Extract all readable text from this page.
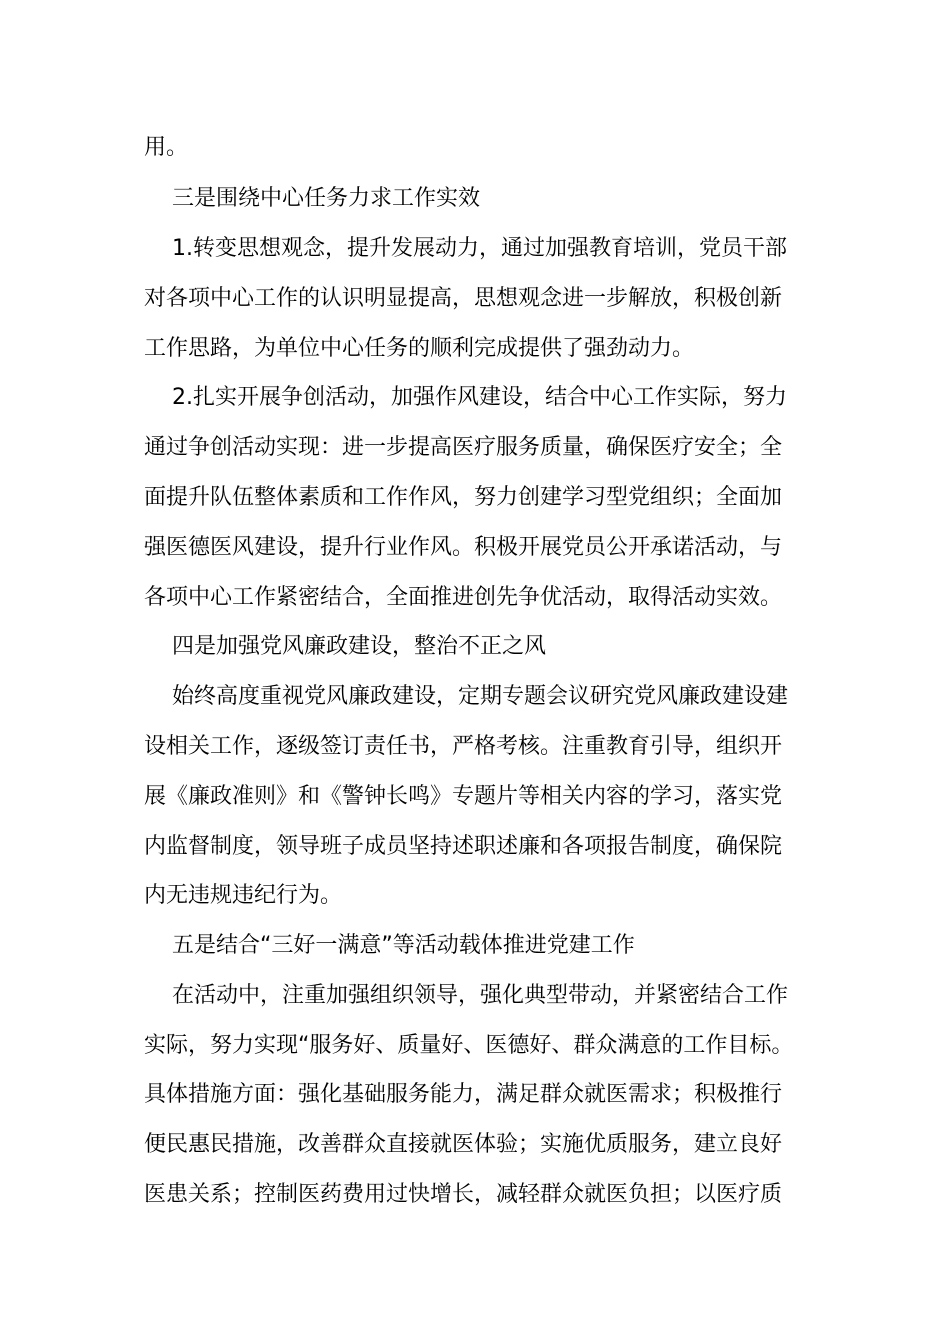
用。
三是围绕中心任务力求工作实效
1.转变思想观念，提升发展动力，通过加强教育培训，党员干部
对各项中心工作的认识明显提高，思想观念进一步解放，积极创新
工作思路，为单位中心任务的顺利完成提供了强劲动力。
2.扎实开展争创活动，加强作风建设，结合中心工作实际，努力
通过争创活动实现：进一步提高医疗服务质量，确保医疗安全；全
面提升队伍整体素质和工作作风，努力创建学习型党组织；全面加
强医德医风建设，提升行业作风。积极开展党员公开承诺活动，与
各项中心工作紧密结合，全面推进创先争优活动，取得活动实效。
四是加强党风廉政建设，整治不正之风
始终高度重视党风廉政建设，定期专题会议研究党风廉政建设建
设相关工作，逐级签订责任书，严格考核。注重教育引导，组织开
展《廉政准则》和《警钟长鸣》专题片等相关内容的学习，落实党
内监督制度，领导班子成员坚持述职述廉和各项报告制度，确保院
内无违规违纪行为。
五是结合“三好一满意”等活动载体推进党建工作
在活动中，注重加强组织领导，强化典型带动，并紧密结合工作
实际，努力实现“服务好、质量好、医德好、群众满意的工作目标。
具体措施方面：强化基础服务能力，满足群众就医需求；积极推行
便民惠民措施，改善群众直接就医体验；实施优质服务，建立良好
医患关系；控制医药费用过快增长，减轻群众就医负担；以医疗质
